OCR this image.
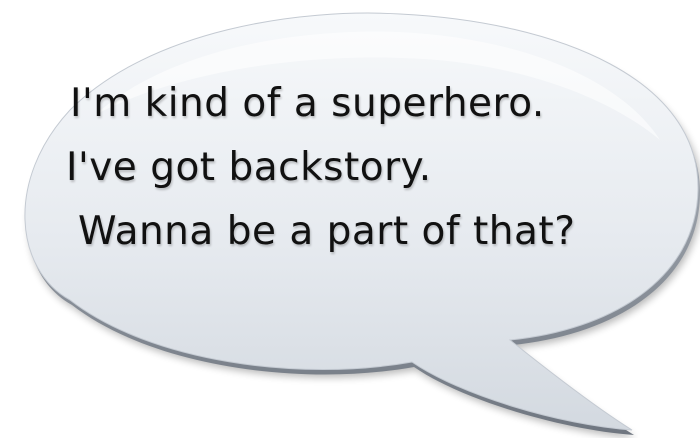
I'm kind of a superhero.
I've got backstory.
Wanna be a part of that?
